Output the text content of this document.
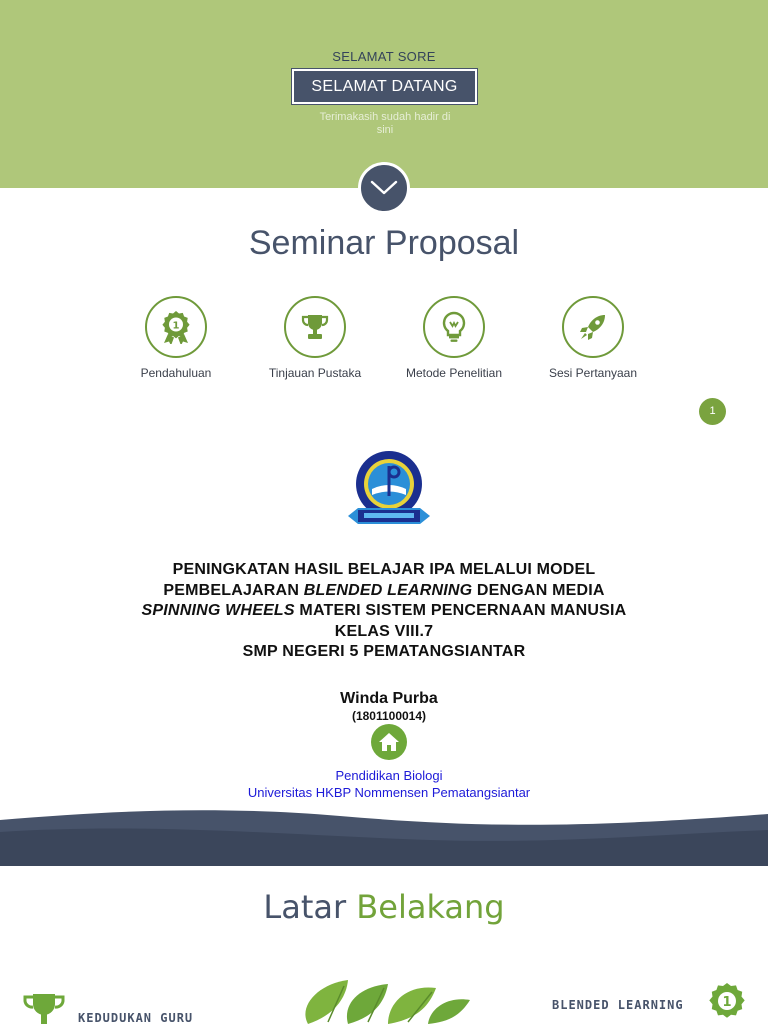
SELAMAT SORE
SELAMAT DATANG
Terimakasih sudah hadir di sini
Seminar Proposal
1
Pendahuluan	Tinjauan Pustaka	Metode Penelitian	Sesi Pertanyaan
1
PENINGKATAN HASIL BELAJAR IPA MELALUI MODEL
PEMBELAJARAN BLENDED LEARNING DENGAN MEDIA
SPINNING WHEELS MATERI SISTEM PENCERNAAN MANUSIA
KELAS VIII.7
SMP NEGERI 5 PEMATANGSIANTAR
Winda Purba
(1801100014)
Pendidikan Biologi
Universitas HKBP Nommensen Pematangsiantar
Latar Belakang
KEDUDUKAN GURU
BLENDED LEARNING	1
